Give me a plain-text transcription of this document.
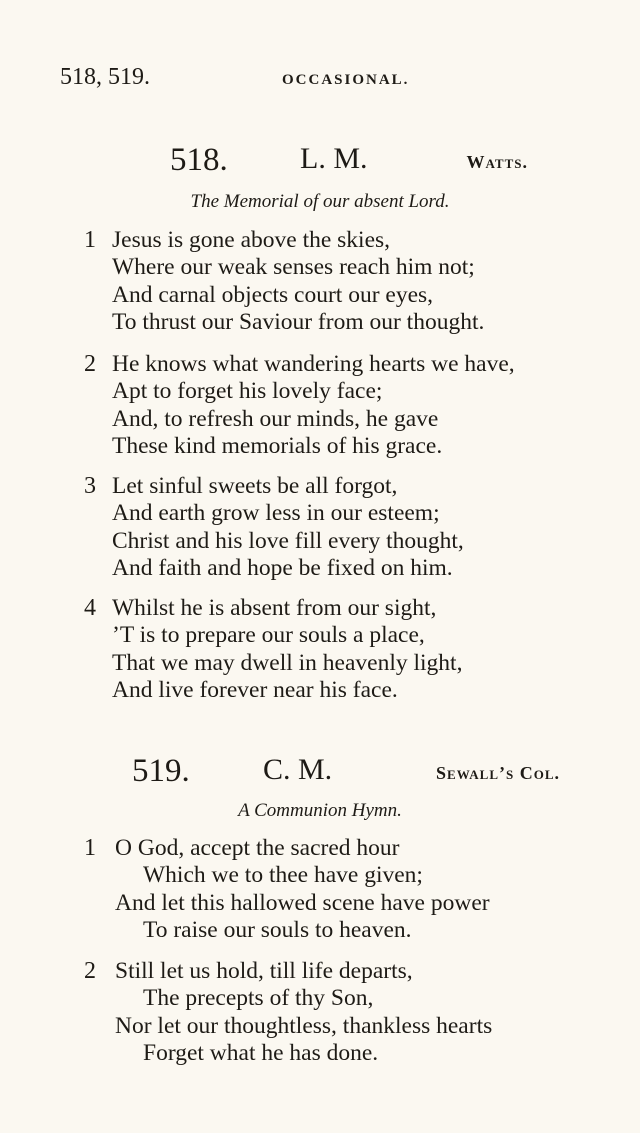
518, 519.	OCCASIONAL.
518. L. M.	Watts.
The Memorial of our absent Lord.
1 Jesus is gone above the skies,
Where our weak senses reach him not;
And carnal objects court our eyes,
To thrust our Saviour from our thought.
2 He knows what wandering hearts we have,
Apt to forget his lovely face;
And, to refresh our minds, he gave
These kind memorials of his grace.
3 Let sinful sweets be all forgot,
And earth grow less in our esteem;
Christ and his love fill every thought,
And faith and hope be fixed on him.
4 Whilst he is absent from our sight,
’T is to prepare our souls a place,
That we may dwell in heavenly light,
And live forever near his face.
519. C. M.	Sewall’s Col.
A Communion Hymn.
1 O God, accept the sacred hour
Which we to thee have given;
And let this hallowed scene have power
To raise our souls to heaven.
2 Still let us hold, till life departs,
The precepts of thy Son,
Nor let our thoughtless, thankless hearts
Forget what he has done.
